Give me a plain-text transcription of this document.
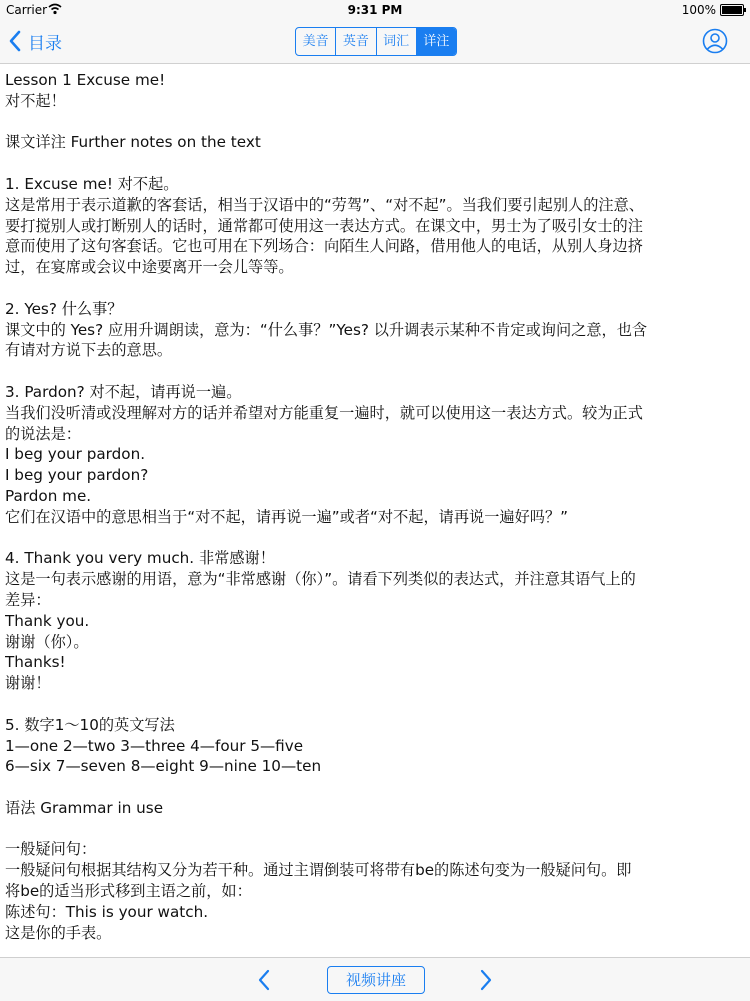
Carrier	9:31 PM	100%
目录	美音	英音	词汇	详注
Lesson 1 Excuse me!
对不起！
课文详注 Further notes on the text
1. Excuse me! 对不起。
这是常用于表示道歉的客套话，相当于汉语中的“劳驾”、“对不起”。当我们要引起别人的注意、
要打搅别人或打断别人的话时，通常都可使用这一表达方式。在课文中，男士为了吸引女士的注
意而使用了这句客套话。它也可用在下列场合：向陌生人问路，借用他人的电话，从别人身边挤
过，在宴席或会议中途要离开一会儿等等。
2. Yes? 什么事？
课文中的 Yes? 应用升调朗读，意为：“什么事？”Yes? 以升调表示某种不肯定或询问之意，也含
有请对方说下去的意思。
3. Pardon? 对不起，请再说一遍。
当我们没听清或没理解对方的话并希望对方能重复一遍时，就可以使用这一表达方式。较为正式
的说法是：
I beg your pardon.
I beg your pardon?
Pardon me.
它们在汉语中的意思相当于“对不起，请再说一遍”或者“对不起，请再说一遍好吗？”
4. Thank you very much. 非常感谢！
这是一句表示感谢的用语，意为“非常感谢（你）”。请看下列类似的表达式，并注意其语气上的
差异：
Thank you.
谢谢（你）。
Thanks!
谢谢！
5. 数字1～10的英文写法
1—one 2—two 3—three 4—four 5—five
6—six 7—seven 8—eight 9—nine 10—ten
语法 Grammar in use
一般疑问句：
一般疑问句根据其结构又分为若干种。通过主谓倒装可将带有be的陈述句变为一般疑问句。即
将be的适当形式移到主语之前，如：
陈述句：This is your watch.
这是你的手表。
视频讲座
